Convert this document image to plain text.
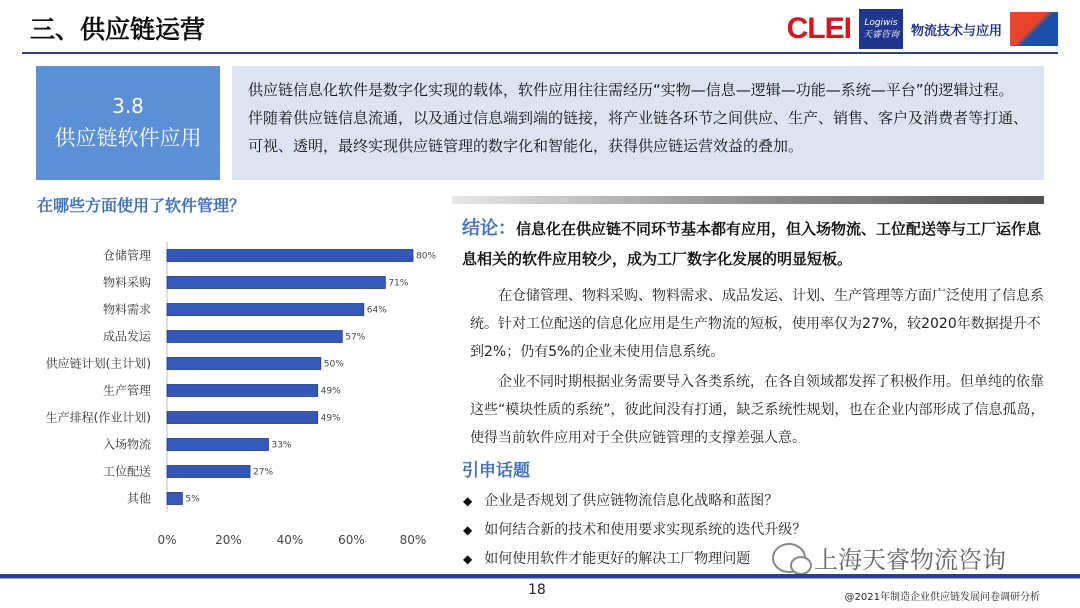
三、供应链运营	CLEI Logiwis
天睿咨询 物流技术与应用
3.8
供应链软件应用
供应链信息化软件是数字化实现的载体，软件应用往往需经历“实物—信息—逻辑—功能—系统—平台”的逻辑过程。伴随着供应链信息流通，以及通过信息端到端的链接，将产业链各环节之间供应、生产、销售、客户及消费者等打通、可视、透明，最终实现供应链管理的数字化和智能化，获得供应链运营效益的叠加。
在哪些方面使用了软件管理？
仓储管理	80%
物料采购	71%
物料需求	64%
成品发运	57%
供应链计划(主计划)	50%
生产管理	49%
生产排程(作业计划)	49%
入场物流	33%
工位配送	27%
其他	5%
0%	20%	40%	60%	80%
结论：信息化在供应链不同环节基本都有应用，但入场物流、工位配送等与工厂运作息息相关的软件应用较少，成为工厂数字化发展的明显短板。
在仓储管理、物料采购、物料需求、成品发运、计划、生产管理等方面广泛使用了信息系统。针对工位配送的信息化应用是生产物流的短板，使用率仅为27%，较2020年数据提升不到2%；仍有5%的企业未使用信息系统。
企业不同时期根据业务需要导入各类系统，在各自领域都发挥了积极作用。但单纯的依靠这些“模块性质的系统”，彼此间没有打通，缺乏系统性规划，也在企业内部形成了信息孤岛，使得当前软件应用对于全供应链管理的支撑差强人意。
引申话题
◆ 企业是否规划了供应链物流信息化战略和蓝图？
◆ 如何结合新的技术和使用要求实现系统的迭代升级？
◆ 如何使用软件才能更好的解决工厂物理问题	上海天睿物流咨询
18	@2021年制造企业供应链发展问卷调研分析
